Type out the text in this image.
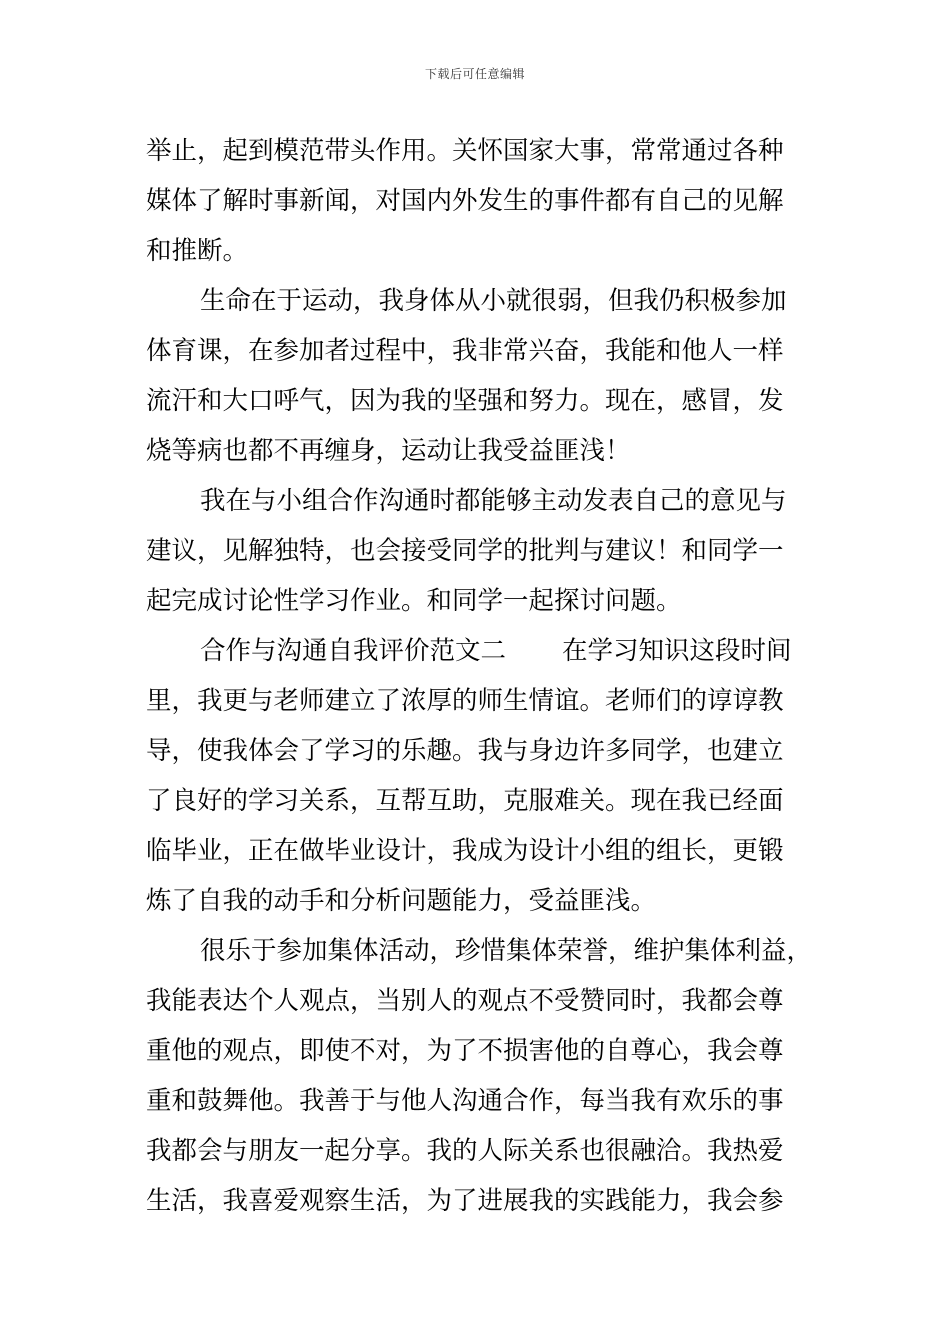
下载后可任意编辑
举止，起到模范带头作用。关怀国家大事，常常通过各种
媒体了解时事新闻，对国内外发生的事件都有自己的见解
和推断。
生命在于运动，我身体从小就很弱，但我仍积极参加
体育课，在参加者过程中，我非常兴奋，我能和他人一样
流汗和大口呼气，因为我的坚强和努力。现在，感冒，发
烧等病也都不再缠身，运动让我受益匪浅！
我在与小组合作沟通时都能够主动发表自己的意见与
建议，见解独特，也会接受同学的批判与建议！和同学一
起完成讨论性学习作业。和同学一起探讨问题。
合作与沟通自我评价范文二 在学习知识这段时间
里，我更与老师建立了浓厚的师生情谊。老师们的谆谆教
导，使我体会了学习的乐趣。我与身边许多同学，也建立
了良好的学习关系，互帮互助，克服难关。现在我已经面
临毕业，正在做毕业设计，我成为设计小组的组长，更锻
炼了自我的动手和分析问题能力，受益匪浅。
很乐于参加集体活动，珍惜集体荣誉，维护集体利益，
我能表达个人观点，当别人的观点不受赞同时，我都会尊
重他的观点，即使不对，为了不损害他的自尊心，我会尊
重和鼓舞他。我善于与他人沟通合作，每当我有欢乐的事
我都会与朋友一起分享。我的人际关系也很融洽。我热爱
生活，我喜爱观察生活，为了进展我的实践能力，我会参
